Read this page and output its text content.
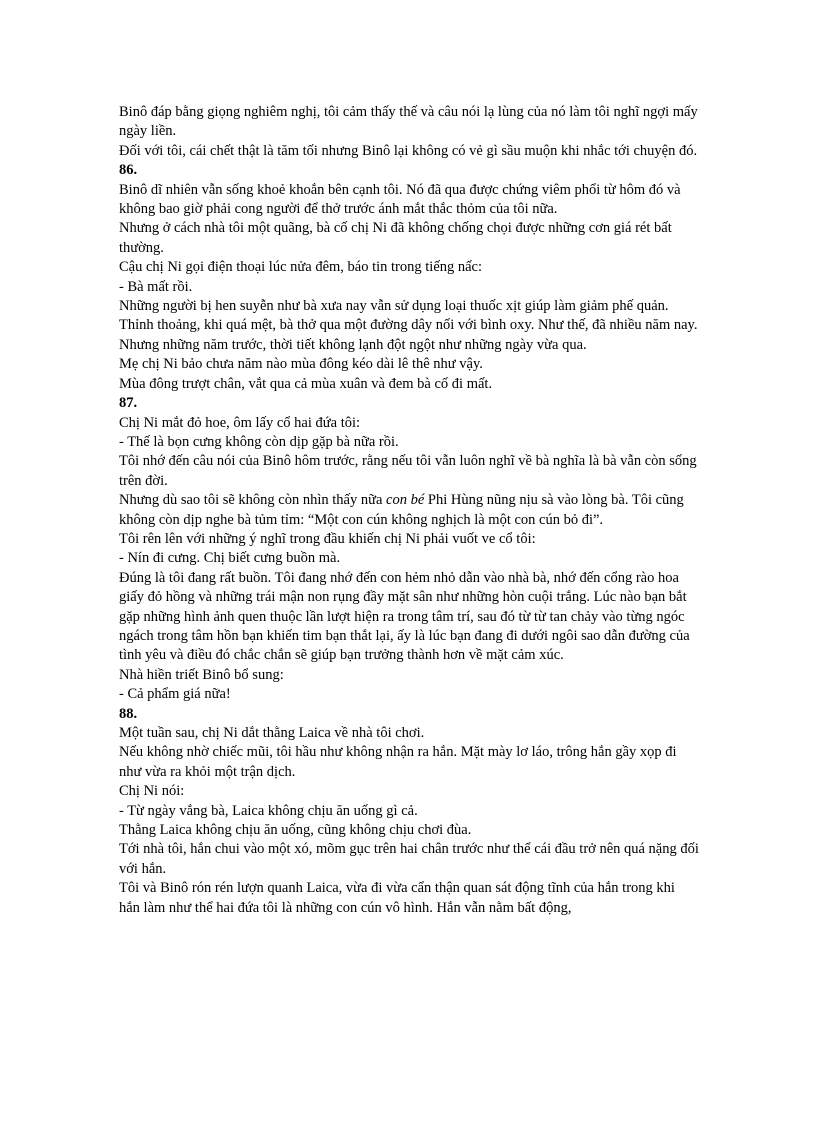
Binô đáp bằng giọng nghiêm nghị, tôi cảm thấy thế và câu nói lạ lùng của nó làm tôi nghĩ ngợi mấy ngày liền.

Đối với tôi, cái chết thật là tăm tối nhưng Binô lại không có vẻ gì sầu muộn khi nhắc tới chuyện đó.

86.

Binô dĩ nhiên vẫn sống khoẻ khoắn bên cạnh tôi. Nó đã qua được chứng viêm phổi từ hôm đó và không bao giờ phải cong người để thở trước ánh mắt thắc thỏm của tôi nữa.

Nhưng ở cách nhà tôi một quãng, bà cố chị Ni đã không chống chọi được những cơn giá rét bất thường.

Cậu chị Ni gọi điện thoại lúc nửa đêm, báo tin trong tiếng nấc:

- Bà mất rồi.

Những người bị hen suyễn như bà xưa nay vẫn sử dụng loại thuốc xịt giúp làm giảm phế quản. Thỉnh thoảng, khi quá mệt, bà thở qua một đường dây nối với bình oxy. Như thế, đã nhiều năm nay. Nhưng những năm trước, thời tiết không lạnh đột ngột như những ngày vừa qua.

Mẹ chị Ni bảo chưa năm nào mùa đông kéo dài lê thê như vậy.

Mùa đông trượt chân, vắt qua cả mùa xuân và đem bà cố đi mất.

87.

Chị Ni mắt đỏ hoe, ôm lấy cổ hai đứa tôi:

- Thế là bọn cưng không còn dịp gặp bà nữa rồi.

Tôi nhớ đến câu nói của Binô hôm trước, rằng nếu tôi vẫn luôn nghĩ về bà nghĩa là bà vẫn còn sống trên đời.

Nhưng dù sao tôi sẽ không còn nhìn thấy nữa con bé Phi Hùng nũng nịu sà vào lòng bà. Tôi cũng không còn dịp nghe bà tủm tỉm: “Một con cún không nghịch là một con cún bỏ đi”.

Tôi rên lên với những ý nghĩ trong đầu khiến chị Ni phải vuốt ve cổ tôi:

- Nín đi cưng. Chị biết cưng buồn mà.

Đúng là tôi đang rất buồn. Tôi đang nhớ đến con hẻm nhỏ dẫn vào nhà bà, nhớ đến cổng rào hoa giấy đỏ hồng và những trái mận non rụng đầy mặt sân như những hòn cuội trắng. Lúc nào bạn bắt gặp những hình ảnh quen thuộc lần lượt hiện ra trong tâm trí, sau đó từ từ tan chảy vào từng ngóc ngách trong tâm hồn bạn khiến tim bạn thắt lại, ấy là lúc bạn đang đi dưới ngôi sao dẫn đường của tình yêu và điều đó chắc chắn sẽ giúp bạn trưởng thành hơn về mặt cảm xúc.

Nhà hiền triết Binô bổ sung:

- Cả phẩm giá nữa!

88.

Một tuần sau, chị Ni dắt thằng Laica về nhà tôi chơi.

Nếu không nhờ chiếc mũi, tôi hầu như không nhận ra hắn. Mặt mày lơ láo, trông hắn gầy xọp đi như vừa ra khỏi một trận dịch.

Chị Ni nói:

- Từ ngày vắng bà, Laica không chịu ăn uống gì cả.

Thằng Laica không chịu ăn uống, cũng không chịu chơi đùa.

Tới nhà tôi, hắn chui vào một xó, mõm gục trên hai chân trước như thể cái đầu trở nên quá nặng đối với hắn.

Tôi và Binô rón rén lượn quanh Laica, vừa đi vừa cẩn thận quan sát động tĩnh của hắn trong khi hắn làm như thể hai đứa tôi là những con cún vô hình. Hắn vẫn nằm bất động,
